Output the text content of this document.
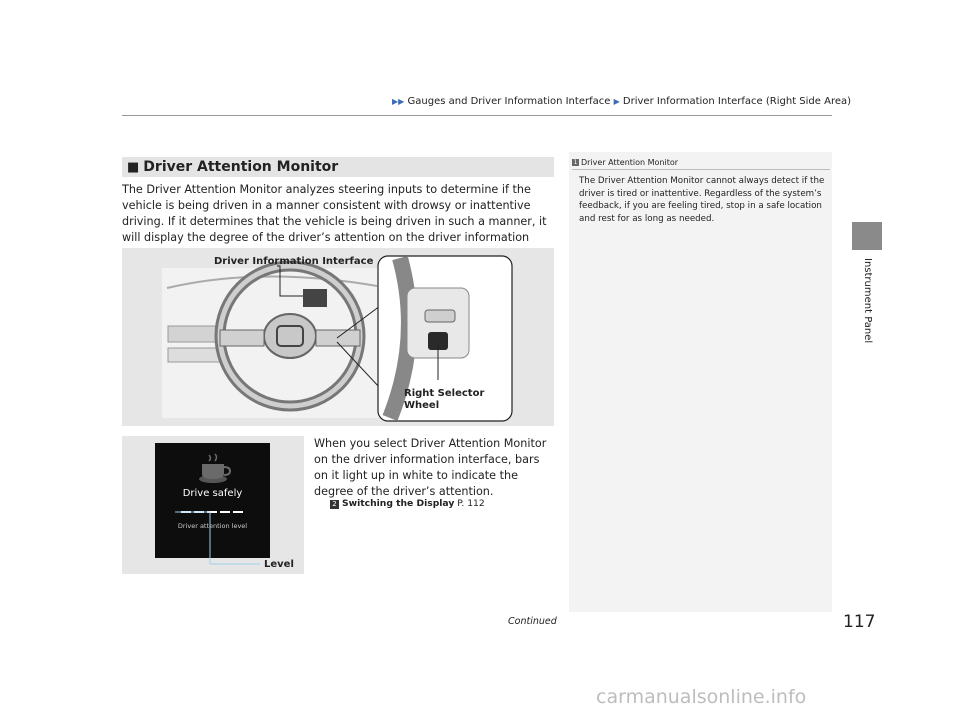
▶▶ Gauges and Driver Information Interface ▶ Driver Information Interface (Right Side Area)
Instrument Panel
■ Driver Attention Monitor
The Driver Attention Monitor analyzes steering inputs to determine if the vehicle is being driven in a manner consistent with drowsy or inattentive driving. If it determines that the vehicle is being driven in such a manner, it will display the degree of the driver’s attention on the driver information
1 Driver Attention Monitor
The Driver Attention Monitor cannot always detect if the driver is tired or inattentive. Regardless of the system’s feedback, if you are feeling tired, stop in a safe location and rest for as long as needed.
Driver Information Interface
Right Selector
Wheel
Drive safely
Driver attention level
Level
When you select Driver Attention Monitor on the driver information interface, bars on it light up in white to indicate the degree of the driver’s attention.
2 Switching the Display P. 112
Continued	117
carmanualsonline.info
